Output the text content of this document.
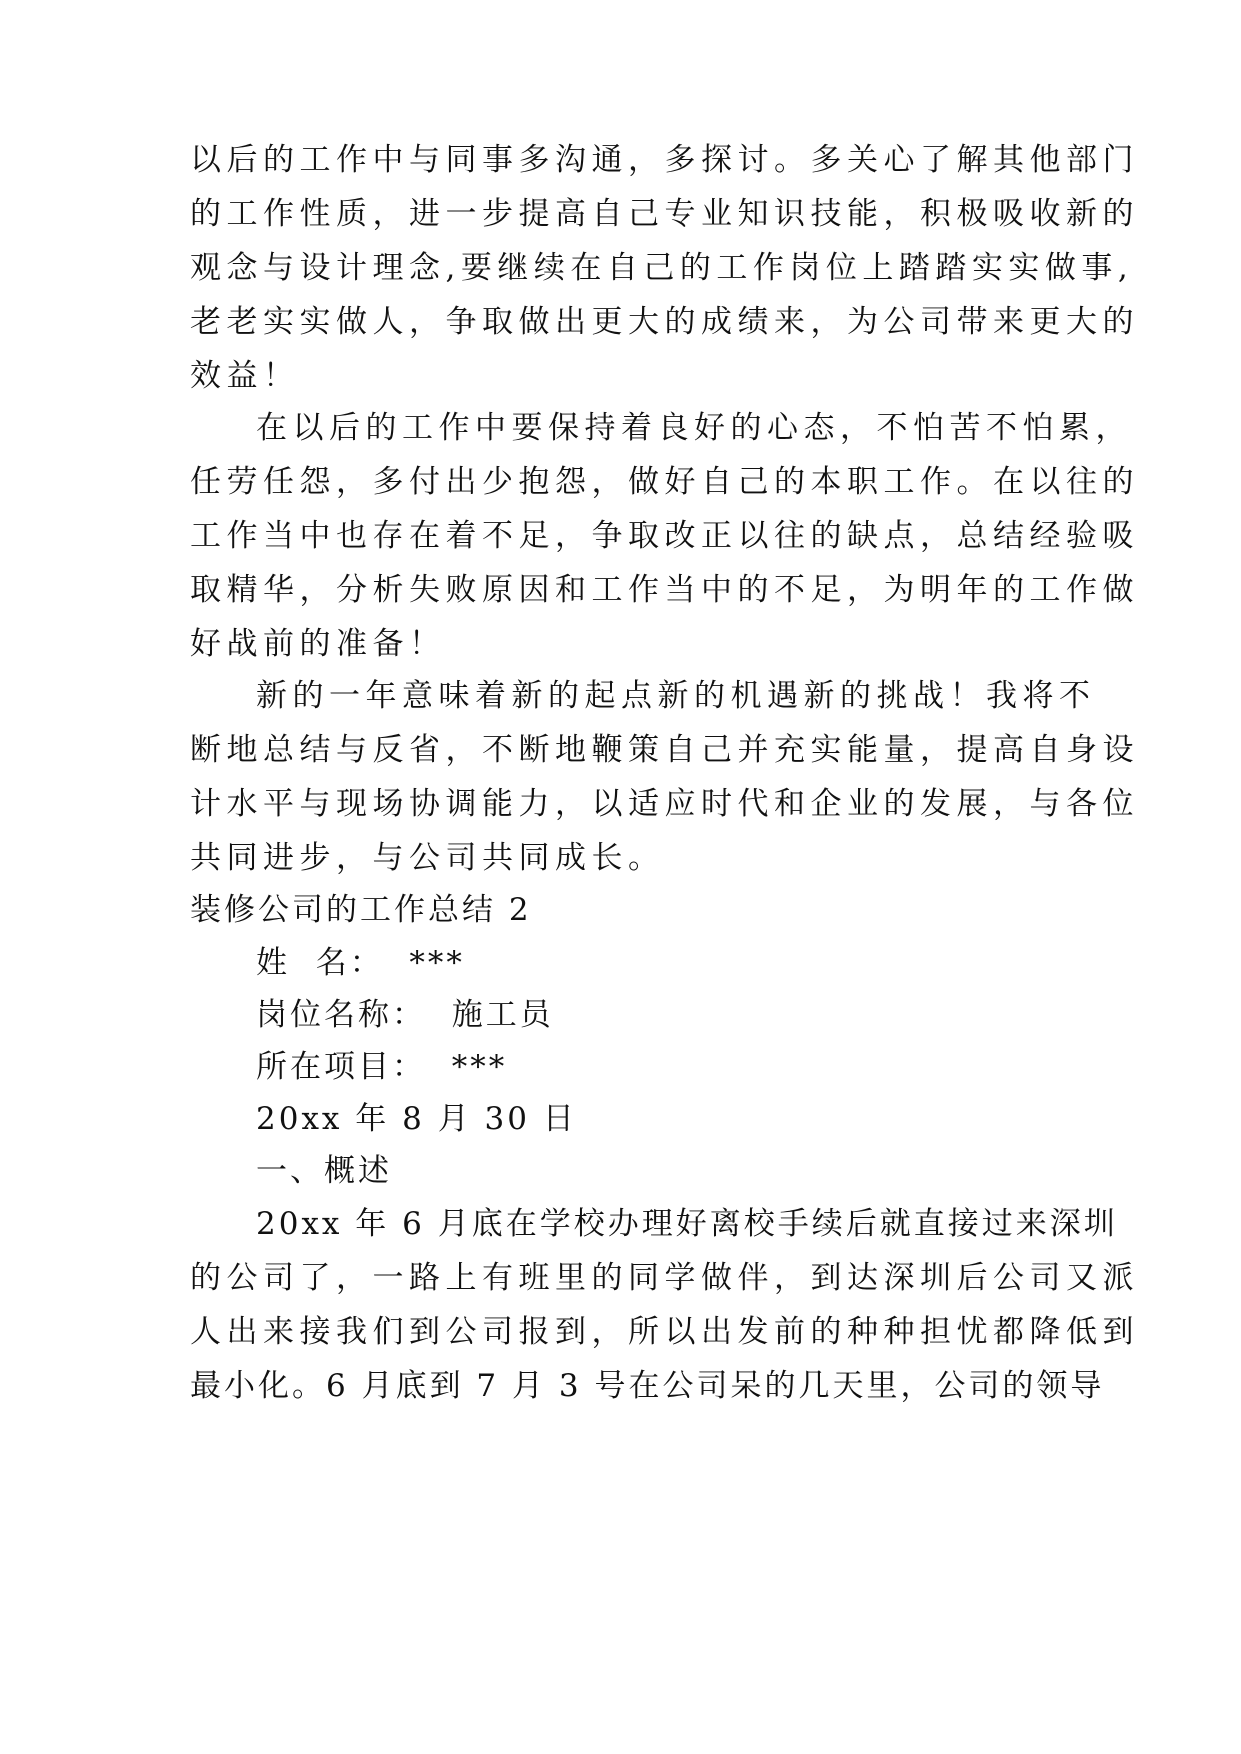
以后的工作中与同事多沟通，多探讨。多关心了解其他部门
的工作性质，进一步提高自己专业知识技能，积极吸收新的
观念与设计理念,要继续在自己的工作岗位上踏踏实实做事,
老老实实做人，争取做出更大的成绩来，为公司带来更大的
效益！
在以后的工作中要保持着良好的心态，不怕苦不怕累，
任劳任怨，多付出少抱怨，做好自己的本职工作。在以往的
工作当中也存在着不足，争取改正以往的缺点，总结经验吸
取精华，分析失败原因和工作当中的不足，为明年的工作做
好战前的准备！
新的一年意味着新的起点新的机遇新的挑战！我将不
断地总结与反省，不断地鞭策自己并充实能量，提高自身设
计水平与现场协调能力，以适应时代和企业的发展，与各位
共同进步，与公司共同成长。
装修公司的工作总结 2
姓  名：  ***
岗位名称：  施工员
所在项目：  ***
20xx 年 8 月 30 日
一、概述
20xx 年 6 月底在学校办理好离校手续后就直接过来深圳
的公司了，一路上有班里的同学做伴，到达深圳后公司又派
人出来接我们到公司报到，所以出发前的种种担忧都降低到
最小化。6 月底到 7 月 3 号在公司呆的几天里，公司的领导
